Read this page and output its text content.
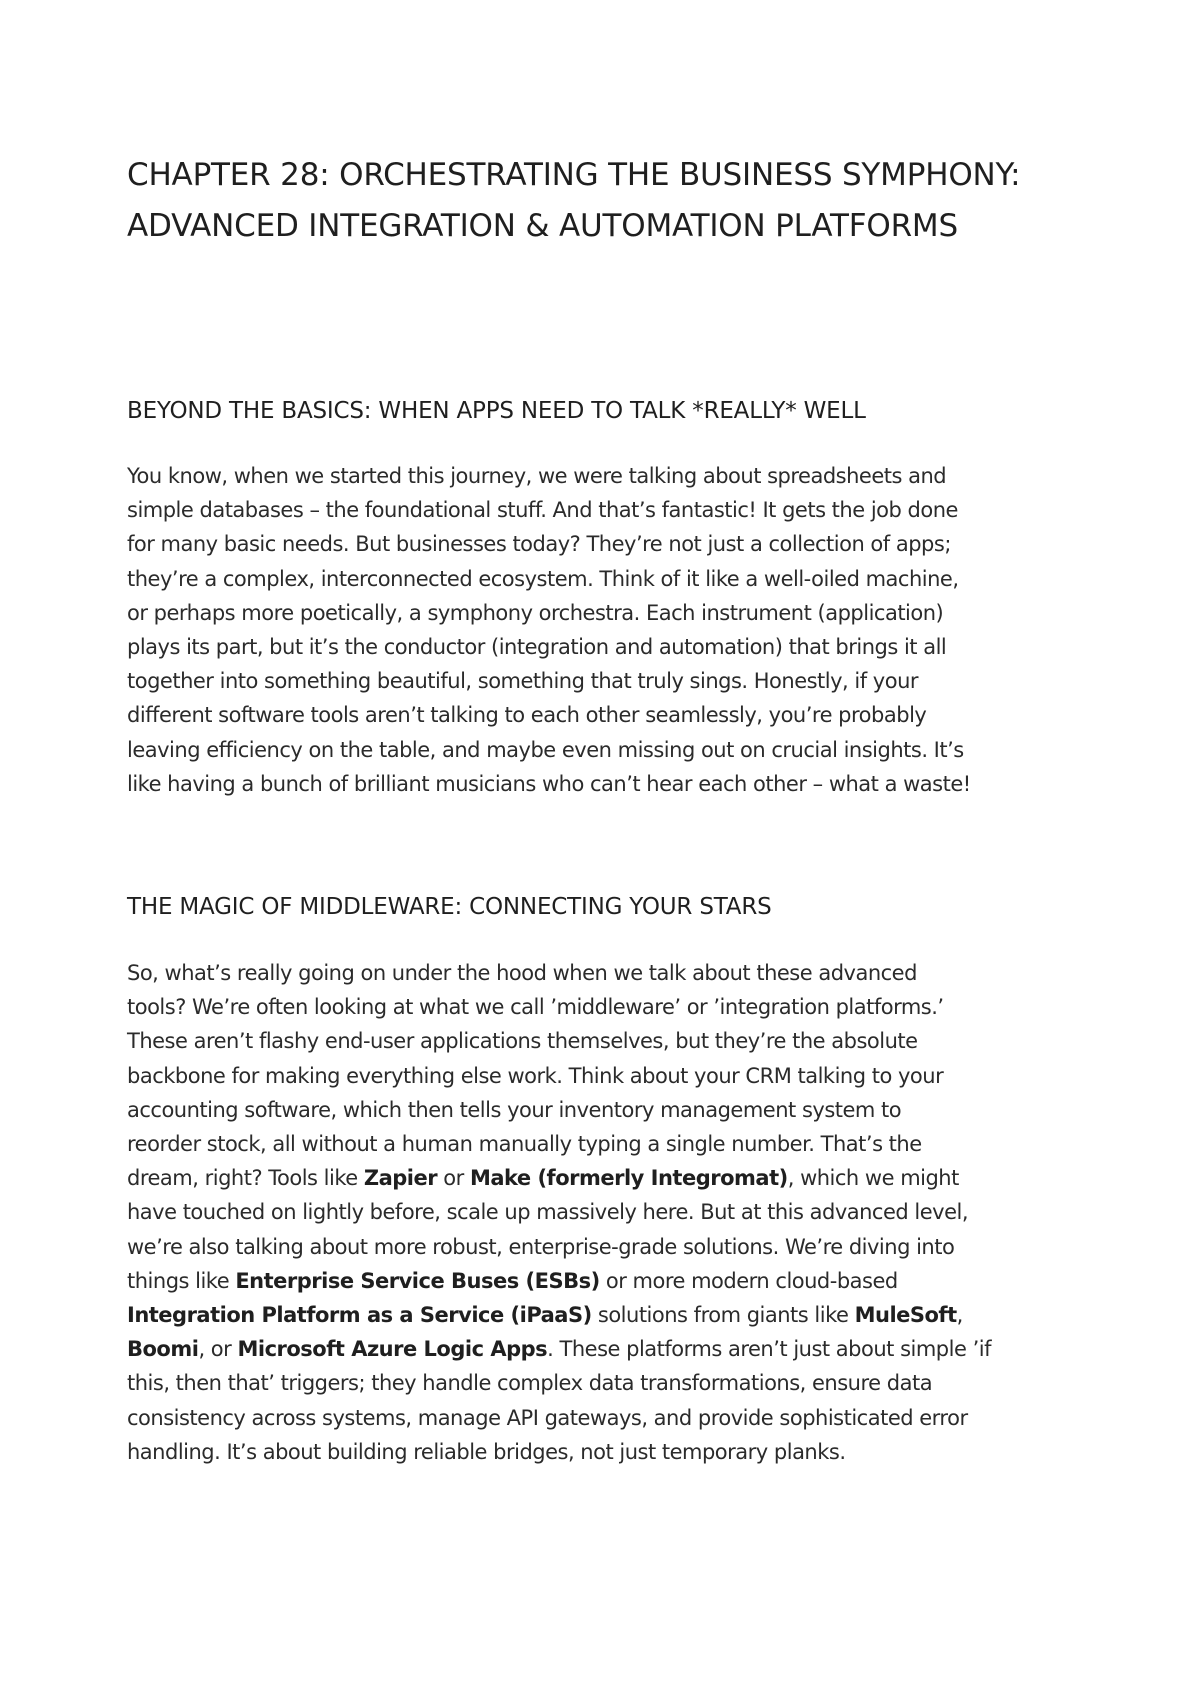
CHAPTER 28: ORCHESTRATING THE BUSINESS SYMPHONY: ADVANCED INTEGRATION & AUTOMATION PLATFORMS
BEYOND THE BASICS: WHEN APPS NEED TO TALK *REALLY* WELL

You know, when we started this journey, we were talking about spreadsheets and
simple databases – the foundational stuff. And that’s fantastic! It gets the job done
for many basic needs. But businesses today? They’re not just a collection of apps;
they’re a complex, interconnected ecosystem. Think of it like a well-oiled machine,
or perhaps more poetically, a symphony orchestra. Each instrument (application)
plays its part, but it’s the conductor (integration and automation) that brings it all
together into something beautiful, something that truly sings. Honestly, if your
different software tools aren’t talking to each other seamlessly, you’re probably
leaving efficiency on the table, and maybe even missing out on crucial insights. It’s
like having a bunch of brilliant musicians who can’t hear each other – what a waste!

THE MAGIC OF MIDDLEWARE: CONNECTING YOUR STARS

So, what’s really going on under the hood when we talk about these advanced
tools? We’re often looking at what we call ’middleware’ or ’integration platforms.’
These aren’t flashy end-user applications themselves, but they’re the absolute
backbone for making everything else work. Think about your CRM talking to your
accounting software, which then tells your inventory management system to
reorder stock, all without a human manually typing a single number. That’s the
dream, right? Tools like Zapier or Make (formerly Integromat), which we might
have touched on lightly before, scale up massively here. But at this advanced level,
we’re also talking about more robust, enterprise-grade solutions. We’re diving into
things like Enterprise Service Buses (ESBs) or more modern cloud-based
Integration Platform as a Service (iPaaS) solutions from giants like MuleSoft,
Boomi, or Microsoft Azure Logic Apps. These platforms aren’t just about simple ’if
this, then that’ triggers; they handle complex data transformations, ensure data
consistency across systems, manage API gateways, and provide sophisticated error
handling. It’s about building reliable bridges, not just temporary planks.
